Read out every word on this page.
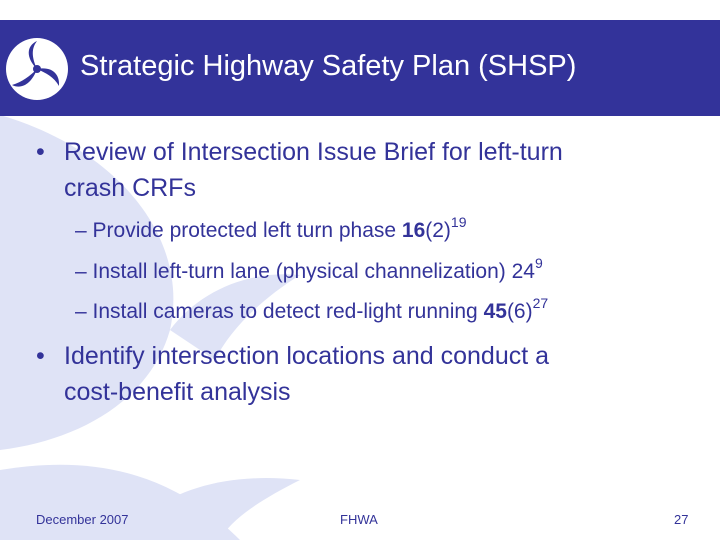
Strategic Highway Safety Plan (SHSP)
• Review of Intersection Issue Brief for left-turn
crash CRFs
– Provide protected left turn phase $16(2)^{19}$
– Install left-turn lane (physical channelization) $24^9$
– Install cameras to detect red-light running $45(6)^{27}$
• Identify intersection locations and conduct a
cost-benefit analysis
December 2007	FHWA	27
